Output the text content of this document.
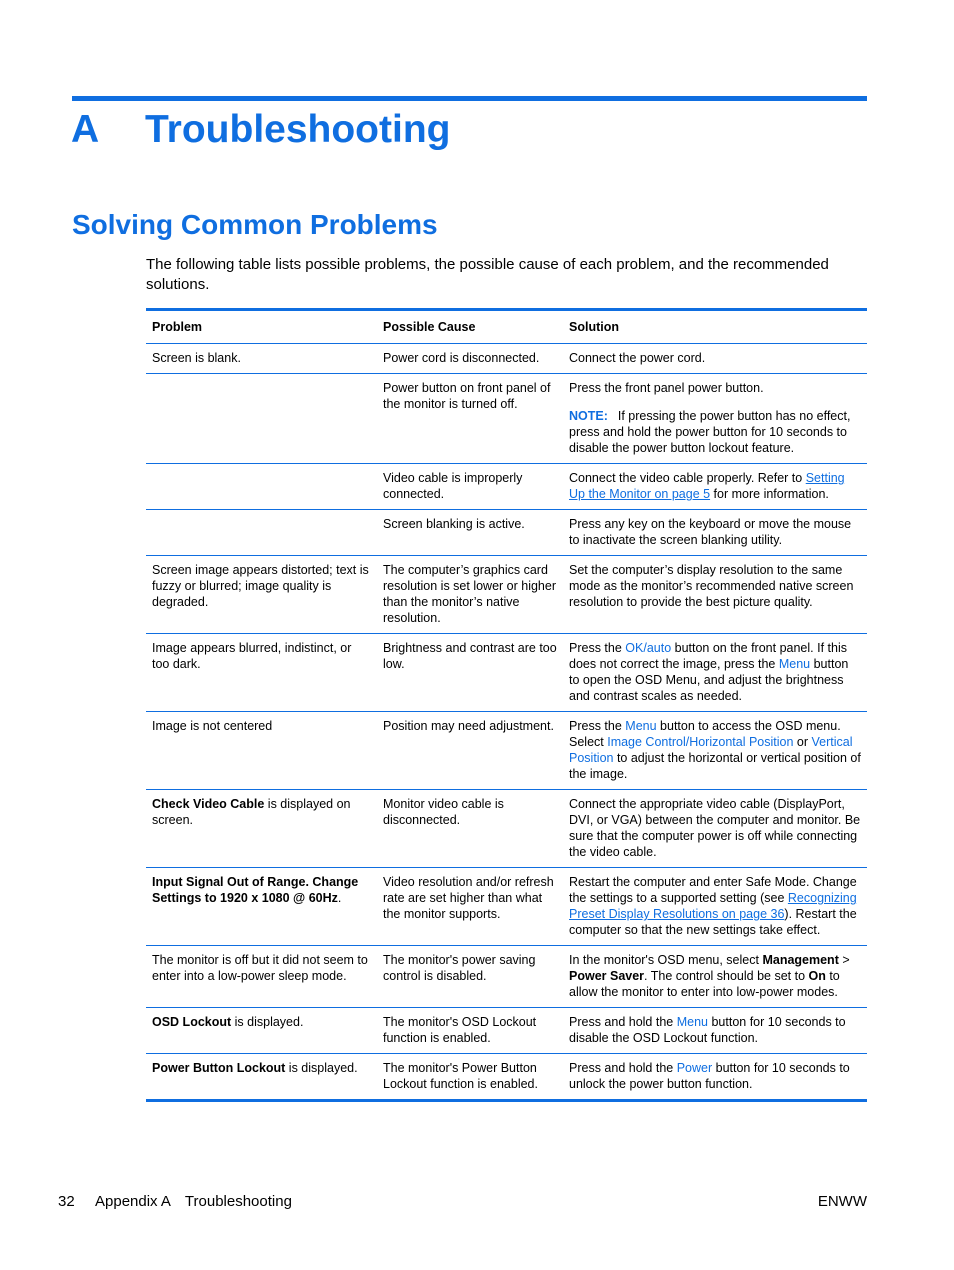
A Troubleshooting
Solving Common Problems
The following table lists possible problems, the possible cause of each problem, and the recommended solutions.
Problem	Possible Cause	Solution
Screen is blank.	Power cord is disconnected.	Connect the power cord.
	Power button on front panel of the monitor is turned off.	Press the front panel power button.
NOTE: If pressing the power button has no effect, press and hold the power button for 10 seconds to disable the power button lockout feature.

	Video cable is improperly connected.	Connect the video cable properly. Refer to Setting Up the Monitor on page 5 for more information.
	Screen blanking is active.	Press any key on the keyboard or move the mouse to inactivate the screen blanking utility.
Screen image appears distorted; text is fuzzy or blurred; image quality is degraded.	The computer’s graphics card resolution is set lower or higher than the monitor’s native resolution.	Set the computer’s display resolution to the same mode as the monitor’s recommended native screen resolution to provide the best picture quality.
Image appears blurred, indistinct, or too dark.	Brightness and contrast are too low.	Press the OK/auto button on the front panel. If this does not correct the image, press the Menu button to open the OSD Menu, and adjust the brightness and contrast scales as needed.
Image is not centered	Position may need adjustment.	Press the Menu button to access the OSD menu. Select Image Control/Horizontal Position or Vertical Position to adjust the horizontal or vertical position of the image.
Check Video Cable is displayed on screen.	Monitor video cable is disconnected.	Connect the appropriate video cable (DisplayPort, DVI, or VGA) between the computer and monitor. Be sure that the computer power is off while connecting the video cable.
Input Signal Out of Range. Change Settings to 1920 x 1080 @ 60Hz.	Video resolution and/or refresh rate are set higher than what the monitor supports.	Restart the computer and enter Safe Mode. Change the settings to a supported setting (see Recognizing Preset Display Resolutions on page 36). Restart the computer so that the new settings take effect.
The monitor is off but it did not seem to enter into a low-power sleep mode.	The monitor's power saving control is disabled.	In the monitor's OSD menu, select Management > Power Saver. The control should be set to On to allow the monitor to enter into low-power modes.
OSD Lockout is displayed.	The monitor's OSD Lockout function is enabled.	Press and hold the Menu button for 10 seconds to disable the OSD Lockout function.
Power Button Lockout is displayed.	The monitor's Power Button Lockout function is enabled.	Press and hold the Power button for 10 seconds to unlock the power button function.
32 Appendix A Troubleshooting	ENWW
